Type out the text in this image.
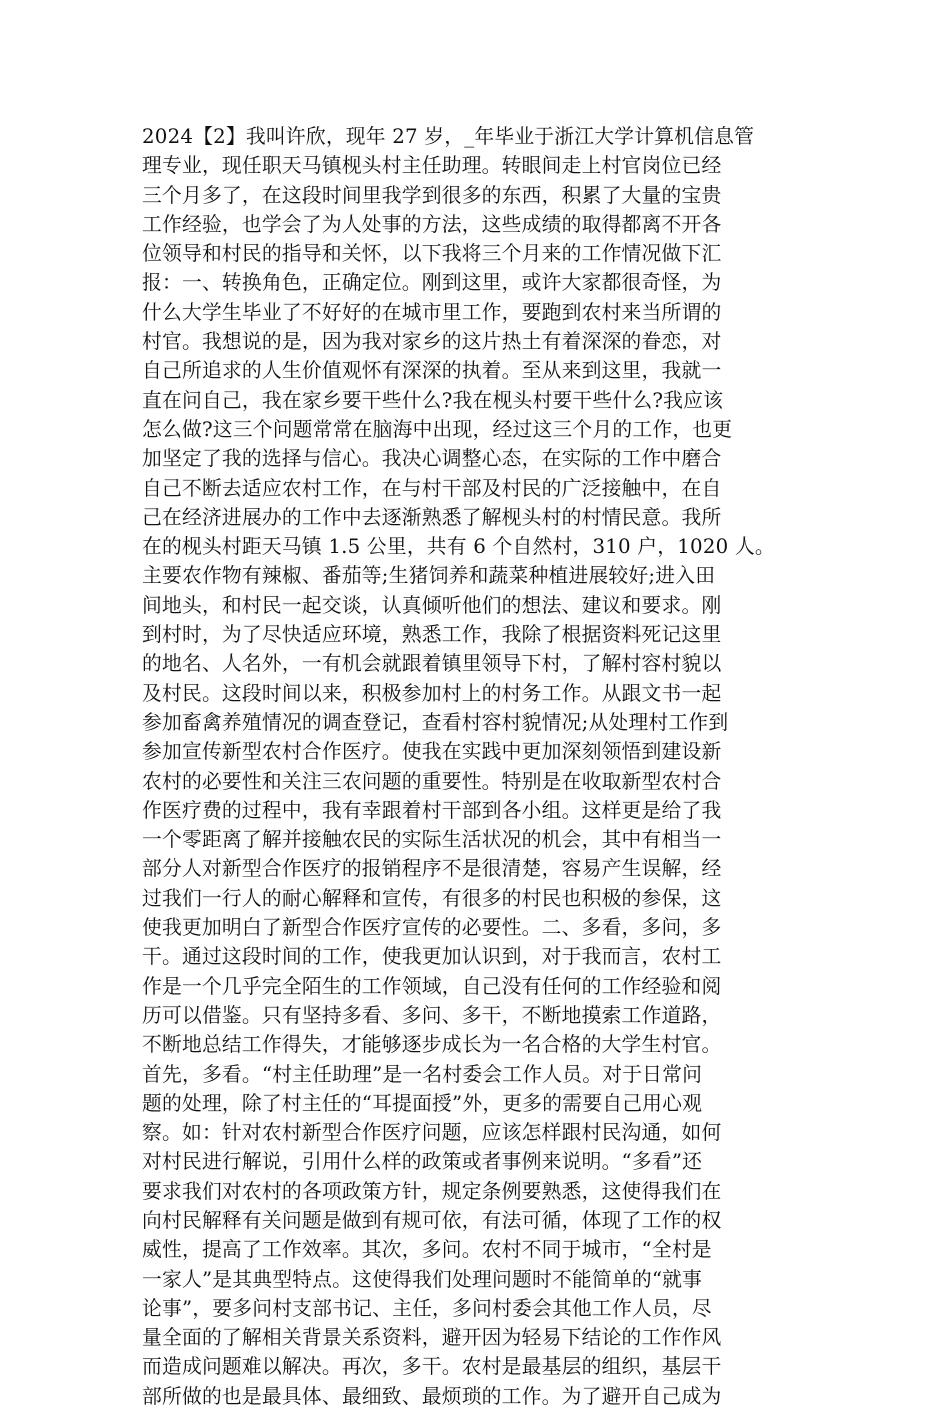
2024【2】我叫许欣，现年 27 岁，_年毕业于浙江大学计算机信息管
理专业，现任职天马镇枧头村主任助理。转眼间走上村官岗位已经
三个月多了，在这段时间里我学到很多的东西，积累了大量的宝贵
工作经验，也学会了为人处事的方法，这些成绩的取得都离不开各
位领导和村民的指导和关怀，以下我将三个月来的工作情况做下汇
报：一、转换角色，正确定位。刚到这里，或许大家都很奇怪，为
什么大学生毕业了不好好的在城市里工作，要跑到农村来当所谓的
村官。我想说的是，因为我对家乡的这片热土有着深深的眷恋，对
自己所追求的人生价值观怀有深深的执着。至从来到这里，我就一
直在问自己，我在家乡要干些什么?我在枧头村要干些什么?我应该
怎么做?这三个问题常常在脑海中出现，经过这三个月的工作，也更
加坚定了我的选择与信心。我决心调整心态，在实际的工作中磨合
自己不断去适应农村工作，在与村干部及村民的广泛接触中，在自
己在经济进展办的工作中去逐渐熟悉了解枧头村的村情民意。我所
在的枧头村距天马镇 1.5 公里，共有 6 个自然村，310 户，1020 人。
主要农作物有辣椒、番茄等;生猪饲养和蔬菜种植进展较好;进入田
间地头，和村民一起交谈，认真倾听他们的想法、建议和要求。刚
到村时，为了尽快适应环境，熟悉工作，我除了根据资料死记这里
的地名、人名外，一有机会就跟着镇里领导下村，了解村容村貌以
及村民。这段时间以来，积极参加村上的村务工作。从跟文书一起
参加畜禽养殖情况的调查登记，查看村容村貌情况;从处理村工作到
参加宣传新型农村合作医疗。使我在实践中更加深刻领悟到建设新
农村的必要性和关注三农问题的重要性。特别是在收取新型农村合
作医疗费的过程中，我有幸跟着村干部到各小组。这样更是给了我
一个零距离了解并接触农民的实际生活状况的机会，其中有相当一
部分人对新型合作医疗的报销程序不是很清楚，容易产生误解，经
过我们一行人的耐心解释和宣传，有很多的村民也积极的参保，这
使我更加明白了新型合作医疗宣传的必要性。二、多看，多问，多
干。通过这段时间的工作，使我更加认识到，对于我而言，农村工
作是一个几乎完全陌生的工作领域，自己没有任何的工作经验和阅
历可以借鉴。只有坚持多看、多问、多干，不断地摸索工作道路，
不断地总结工作得失，才能够逐步成长为一名合格的大学生村官。
首先，多看。“村主任助理”是一名村委会工作人员。对于日常问
题的处理，除了村主任的“耳提面授”外，更多的需要自己用心观
察。如：针对农村新型合作医疗问题，应该怎样跟村民沟通，如何
对村民进行解说，引用什么样的政策或者事例来说明。“多看”还
要求我们对农村的各项政策方针，规定条例要熟悉，这使得我们在
向村民解释有关问题是做到有规可依，有法可循，体现了工作的权
威性，提高了工作效率。其次，多问。农村不同于城市，“全村是
一家人”是其典型特点。这使得我们处理问题时不能简单的“就事
论事”，要多问村支部书记、主任，多问村委会其他工作人员，尽
量全面的了解相关背景关系资料，避开因为轻易下结论的工作作风
而造成问题难以解决。再次，多干。农村是最基层的组织，基层干
部所做的也是最具体、最细致、最烦琐的工作。为了避开自己成为
